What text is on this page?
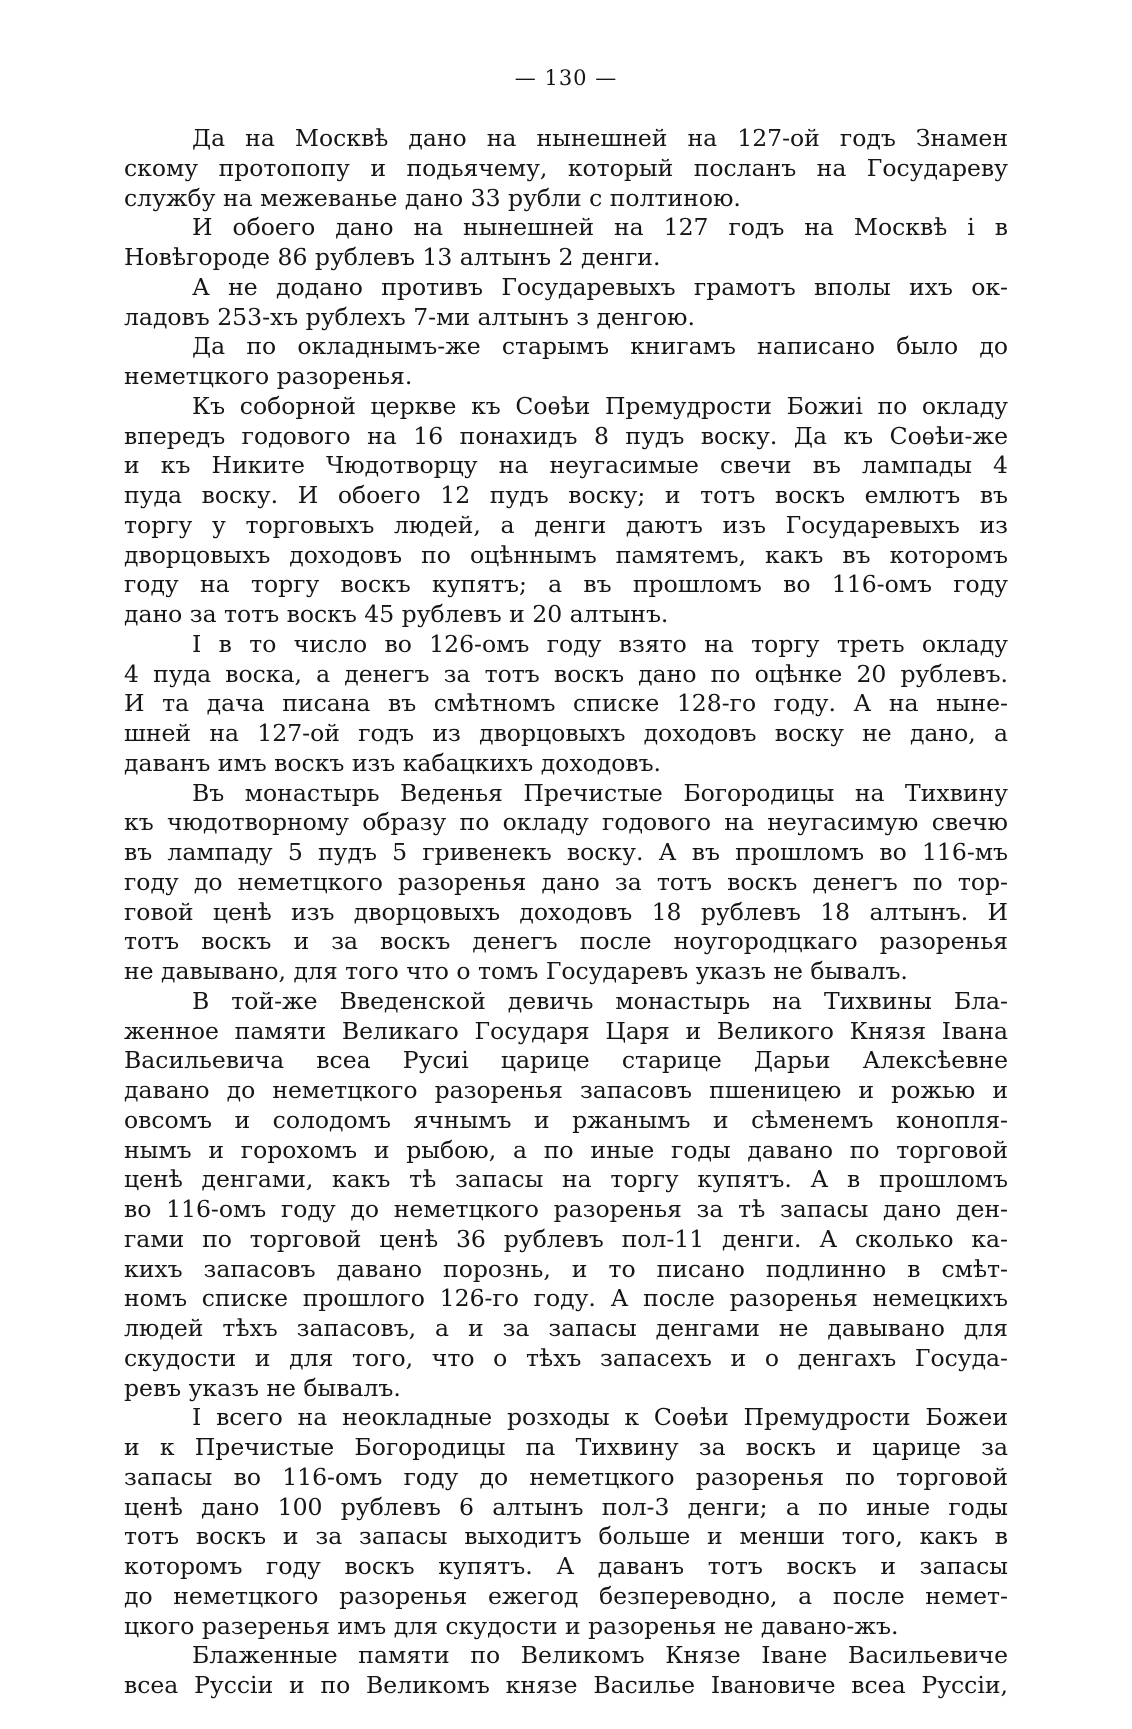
— 130 —
Да на Москвѣ дано на нынешней на 127-ой годъ Знамен
скому протопопу и подьячему, который посланъ на Государеву
службу на межеванье дано 33 рубли с полтиною.
И обоего дано на нынешней на 127 годъ на Москвѣ і в
Новѣгороде 86 рублевъ 13 алтынъ 2 денги.
А не додано противъ Государевыхъ грамотъ вполы ихъ ок-
ладовъ 253-хъ рублехъ 7-ми алтынъ з денгою.
Да по окладнымъ-же старымъ книгамъ написано было до
неметцкого разоренья.
Къ соборной церкве къ Соѳѣи Премудрости Божиі по окладу
впередъ годового на 16 понахидъ 8 пудъ воску. Да къ Соѳѣи-же
и къ Никите Чюдотворцу на неугасимые свечи въ лампады 4
пуда воску. И обоего 12 пудъ воску; и тотъ воскъ емлютъ въ
торгу у торговыхъ людей, а денги даютъ изъ Государевыхъ из
дворцовыхъ доходовъ по оцѣннымъ памятемъ, какъ въ которомъ
году на торгу воскъ купятъ; а въ прошломъ во 116-омъ году
дано за тотъ воскъ 45 рублевъ и 20 алтынъ.
І в то число во 126-омъ году взято на торгу треть окладу
4 пуда воска, а денегъ за тотъ воскъ дано по оцѣнке 20 рублевъ.
И та дача писана въ смѣтномъ списке 128-го году. А на ныне-
шней на 127-ой годъ из дворцовыхъ доходовъ воску не дано, а
даванъ имъ воскъ изъ кабацкихъ доходовъ.
Въ монастырь Веденья Пречистые Богородицы на Тихвину
къ чюдотворному образу по окладу годового на неугасимую свечю
въ лампаду 5 пудъ 5 гривенекъ воску. А въ прошломъ во 116-мъ
году до неметцкого разоренья дано за тотъ воскъ денегъ по тор-
говой ценѣ изъ дворцовыхъ доходовъ 18 рублевъ 18 алтынъ. И
тотъ воскъ и за воскъ денегъ после ноугородцкаго разоренья
не давывано, для того что о томъ Государевъ указъ не бывалъ.
В той-же Введенской девичь монастырь на Тихвины Бла-
женное памяти Великаго Государя Царя и Великого Князя Івана
Васильевича всеа Русиі царице старице Дарьи Алексѣевне
давано до неметцкого разоренья запасовъ пшеницею и рожью и
овсомъ и солодомъ ячнымъ и ржанымъ и сѣменемъ конопля-
нымъ и горохомъ и рыбою, а по иные годы давано по торговой
ценѣ денгами, какъ тѣ запасы на торгу купятъ. А в прошломъ
во 116-омъ году до неметцкого разоренья за тѣ запасы дано ден-
гами по торговой ценѣ 36 рублевъ пол-11 денги. А сколько ка-
кихъ запасовъ давано порознь, и то писано подлинно в смѣт-
номъ списке прошлого 126-го году. А после разоренья немецкихъ
людей тѣхъ запасовъ, а и за запасы денгами не давывано для
скудости и для того, что о тѣхъ запасехъ и о денгахъ Госуда-
ревъ указъ не бывалъ.
І всего на неокладные розходы к Соѳѣи Премудрости Божеи
и к Пречистые Богородицы па Тихвину за воскъ и царице за
запасы во 116-омъ году до неметцкого разоренья по торговой
ценѣ дано 100 рублевъ 6 алтынъ пол-3 денги; а по иные годы
тотъ воскъ и за запасы выходитъ больше и менши того, какъ в
которомъ году воскъ купятъ. А даванъ тотъ воскъ и запасы
до неметцкого разоренья ежегод безпереводно, а после немет-
цкого разеренья имъ для скудости и разоренья не давано-жъ.
Блаженные памяти по Великомъ Князе Іване Васильевиче
всеа Руссіи и по Великомъ князе Василье Івановиче всеа Руссіи,
